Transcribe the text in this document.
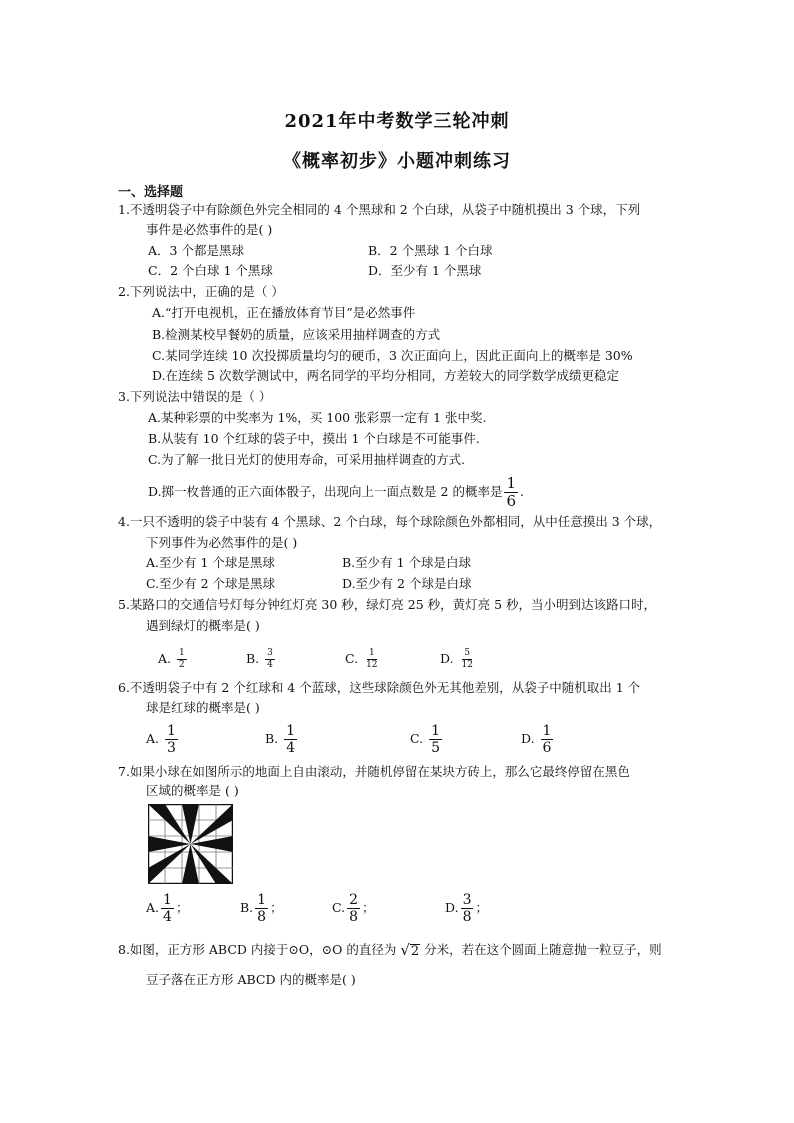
2021年中考数学三轮冲刺
《概率初步》小题冲刺练习
一、选择题
1.不透明袋子中有除颜色外完全相同的 4 个黑球和 2 个白球，从袋子中随机摸出 3 个球，下列
事件是必然事件的是( )
A．3 个都是黑球	B．2 个黑球 1 个白球
C．2 个白球 1 个黑球	D．至少有 1 个黑球
2.下列说法中，正确的是（ ）
A.“打开电视机，正在播放体育节目”是必然事件
B.检测某校早餐奶的质量，应该采用抽样调查的方式
C.某同学连续 10 次投掷质量均匀的硬币，3 次正面向上，因此正面向上的概率是 30%
D.在连续 5 次数学测试中，两名同学的平均分相同，方差较大的同学数学成绩更稳定
3.下列说法中错误的是（ ）
A.某种彩票的中奖率为 1%，买 100 张彩票一定有 1 张中奖.
B.从装有 10 个红球的袋子中，摸出 1 个白球是不可能事件.
C.为了解一批日光灯的使用寿命，可采用抽样调查的方式.
D.掷一枚普通的正六面体骰子，出现向上一面点数是 2 的概率是 $\frac{1}{6}$ .
4.一只不透明的袋子中装有 4 个黑球、2 个白球，每个球除颜色外都相同，从中任意摸出 3 个球，
下列事件为必然事件的是( )
A.至少有 1 个球是黑球	B.至少有 1 个球是白球
C.至少有 2 个球是黑球	D.至少有 2 个球是白球
5.某路口的交通信号灯每分钟红灯亮 30 秒，绿灯亮 25 秒，黄灯亮 5 秒，当小明到达该路口时，
遇到绿灯的概率是( )
A. $\frac{1}{2}$	B. $\frac{3}{4}$	C. $\frac{1}{12}$	D. $\frac{5}{12}$
6.不透明袋子中有 2 个红球和 4 个蓝球，这些球除颜色外无其他差别，从袋子中随机取出 1 个
球是红球的概率是( )
A. $\frac{1}{3}$	B. $\frac{1}{4}$	C. $\frac{1}{5}$	D. $\frac{1}{6}$
7.如果小球在如图所示的地面上自由滚动，并随机停留在某块方砖上，那么它最终停留在黑色
区域的概率是 ( )
A. $\frac{1}{4}$ ；	B. $\frac{1}{8}$ ；	C. $\frac{2}{8}$ ；	D. $\frac{3}{8}$ ；
8.如图，正方形 ABCD 内接于⊙O，⊙O 的直径为 √ 2 分米，若在这个圆面上随意抛一粒豆子，则
豆子落在正方形 ABCD 内的概率是( )
